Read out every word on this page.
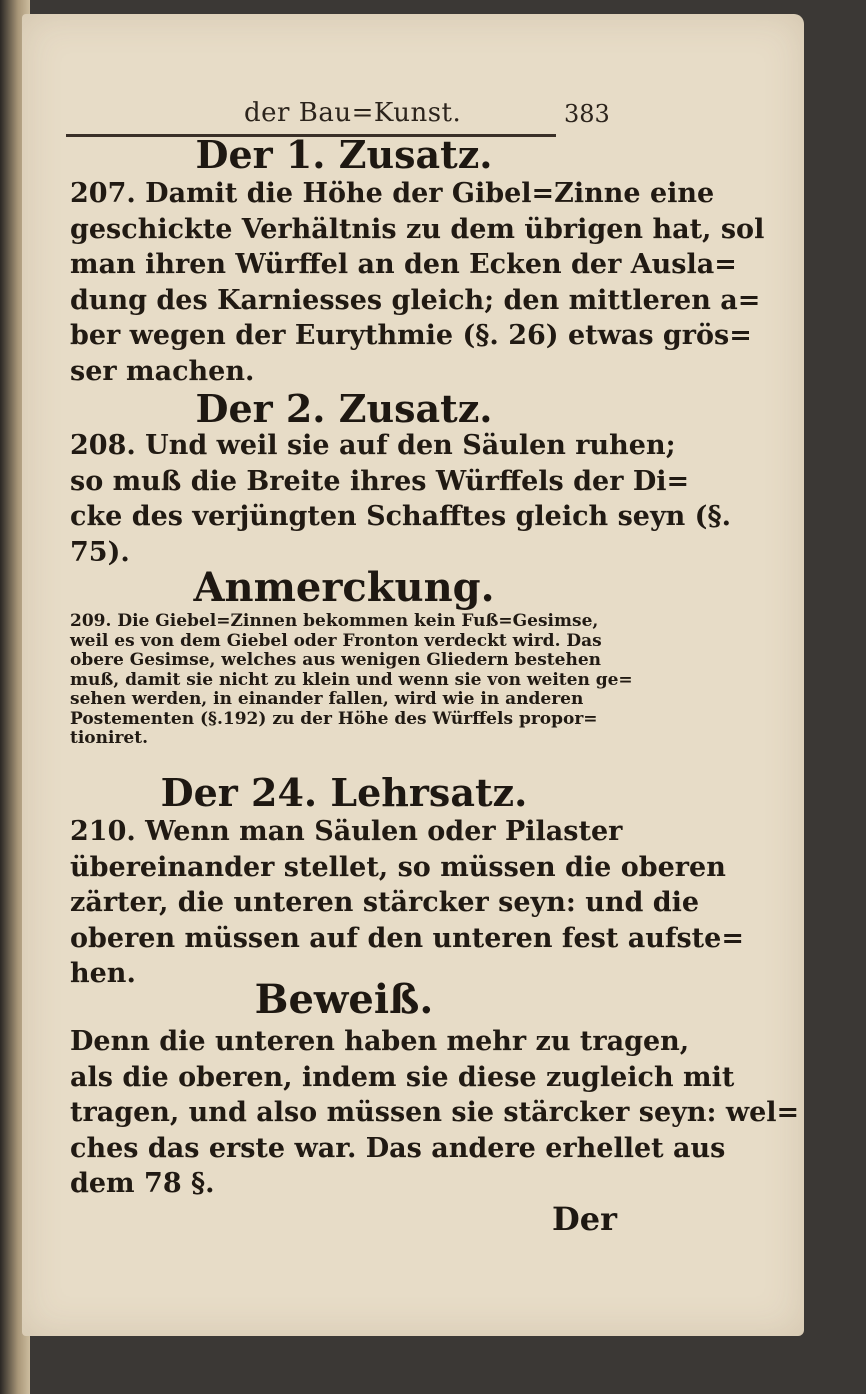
der Bau=Kunst.	383
Der 1. Zusatz.
207. Damit die Höhe der Gibel=Zinne eine
geschickte Verhältnis zu dem übrigen hat, sol
man ihren Würffel an den Ecken der Ausla=
dung des Karniesses gleich; den mittleren a=
ber wegen der Eurythmie (§. 26) etwas grös=
ser machen.
Der 2. Zusatz.
208. Und weil sie auf den Säulen ruhen;
so muß die Breite ihres Würffels der Di=
cke des verjüngten Schafftes gleich seyn (§.
75).
Anmerckung.
209. Die Giebel=Zinnen bekommen kein Fuß=Gesimse,
weil es von dem Giebel oder Fronton verdeckt wird. Das
obere Gesimse, welches aus wenigen Gliedern bestehen
muß, damit sie nicht zu klein und wenn sie von weiten ge=
sehen werden, in einander fallen, wird wie in anderen
Postementen (§.192) zu der Höhe des Würffels propor=
tioniret.
Der 24. Lehrsatz.
210. Wenn man Säulen oder Pilaster
übereinander stellet, so müssen die oberen
zärter, die unteren stärcker seyn: und die
oberen müssen auf den unteren fest aufste=
hen.
Beweiß.
Denn die unteren haben mehr zu tragen,
als die oberen, indem sie diese zugleich mit
tragen, und also müssen sie stärcker seyn: wel=
ches das erste war. Das andere erhellet aus
dem 78 §.
Der
